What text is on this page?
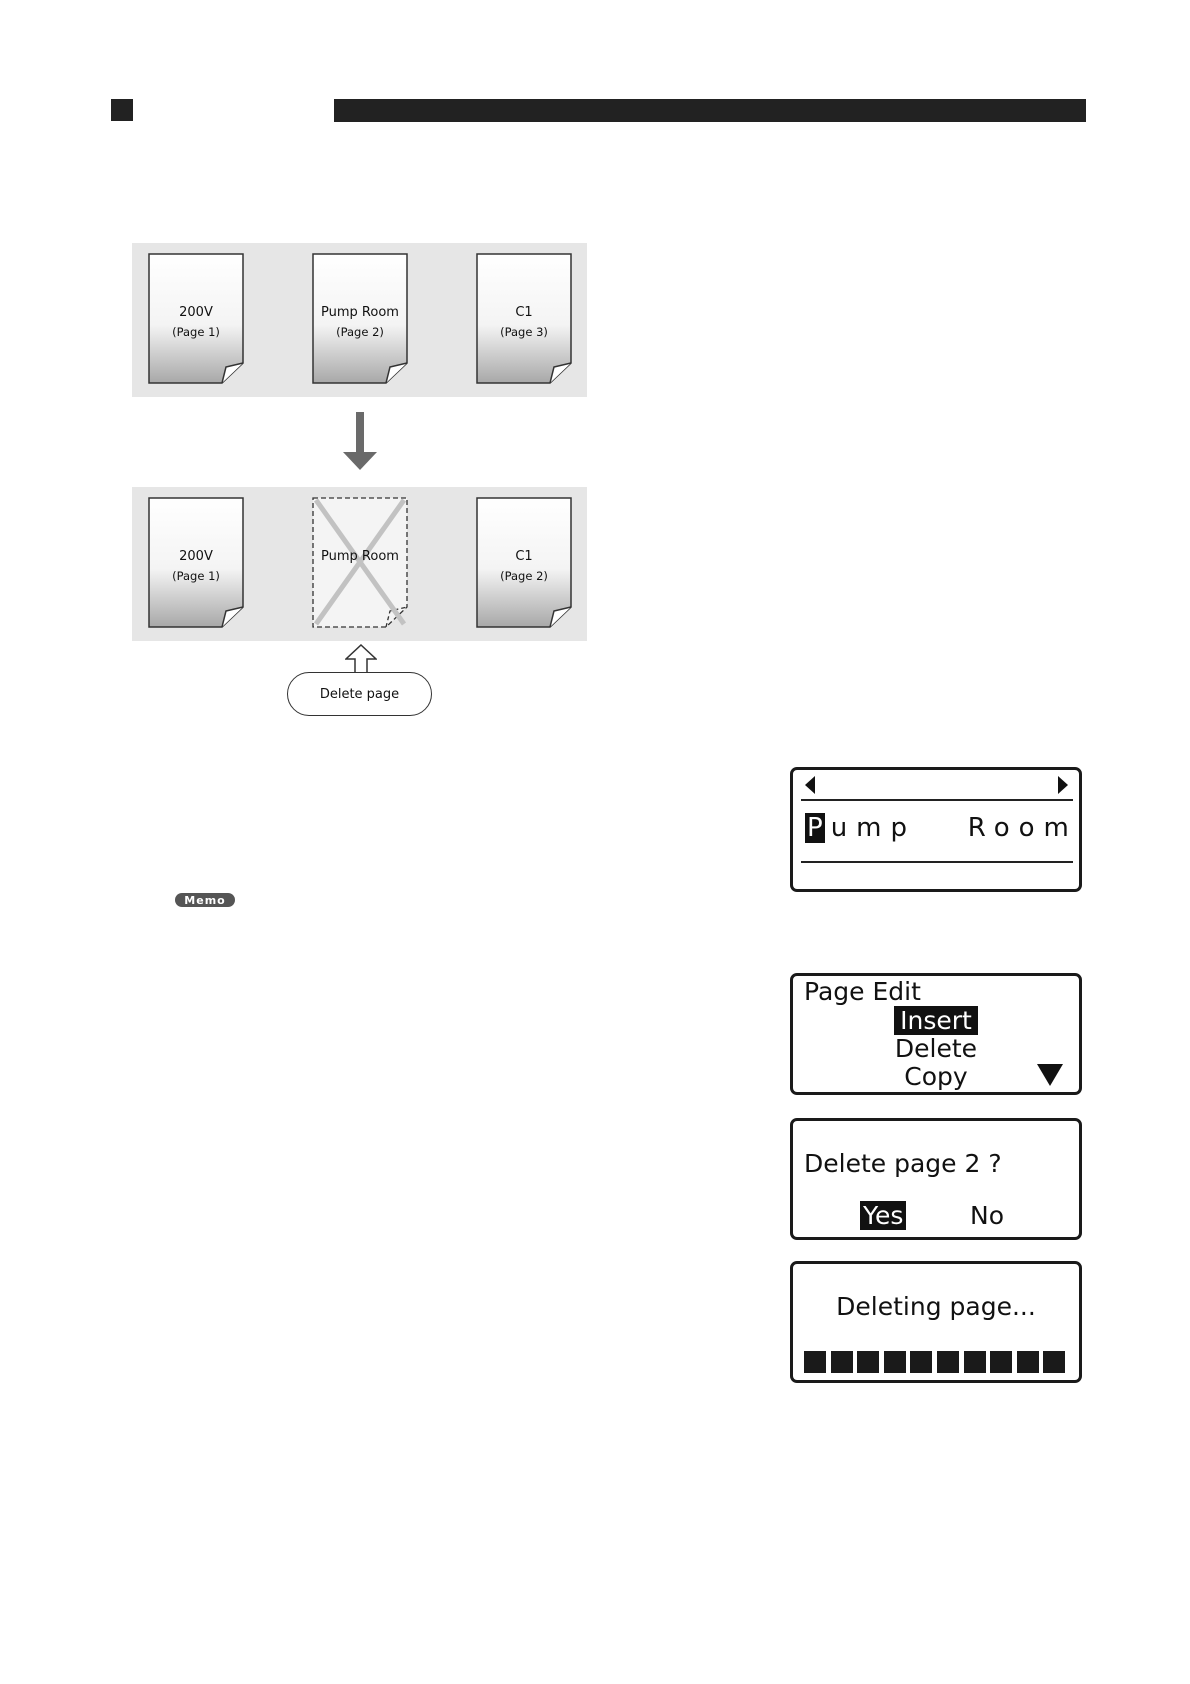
200V
(Page 1)
Pump Room
(Page 2)
C1
(Page 3)
200V
(Page 1)
Pump Room	C1
(Page 2)
Delete page
Memo
P ump   Room
Page Edit
Insert
Delete
Copy
Delete page 2 ?
Yes	No
Deleting page...
